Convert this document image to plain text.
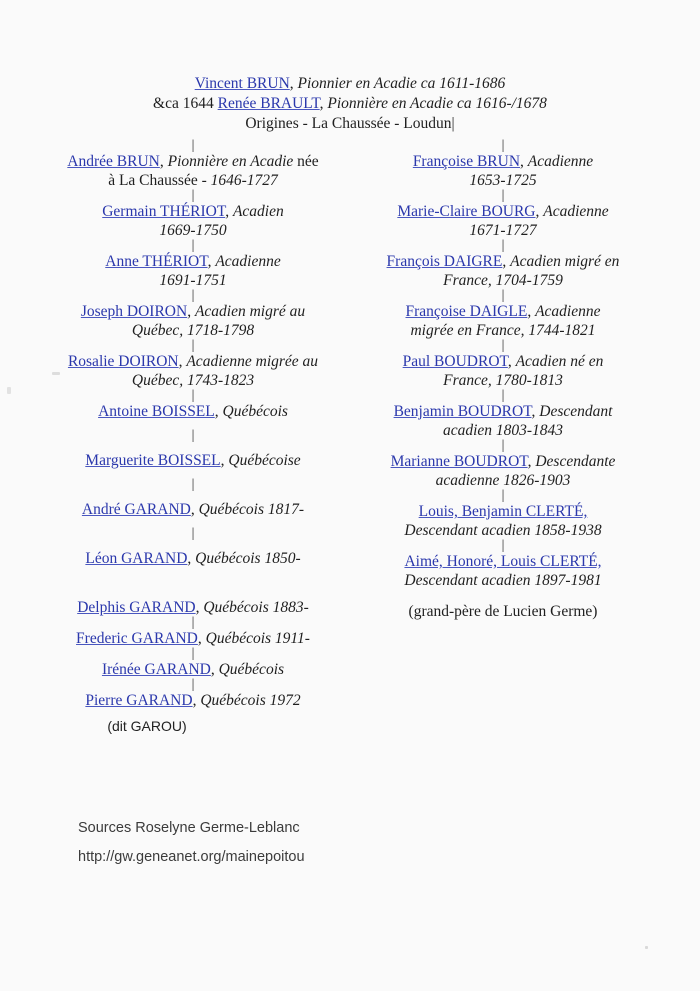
Vincent BRUN, Pionnier en Acadie ca 1611-1686
&ca 1644 Renée BRAULT, Pionnière en Acadie ca 1616-/1678
Origines - La Chaussée - Loudun|
|
Andrée BRUN, Pionnière en Acadie née
à La Chaussée - 1646-1727
|
Germain THÉRIOT, Acadien
1669-1750
|
Anne THÉRIOT, Acadienne
1691-1751
|
Joseph DOIRON, Acadien migré au
Québec, 1718-1798
|
Rosalie DOIRON, Acadienne migrée au
Québec, 1743-1823
|
Antoine BOISSEL, Québécois
|
Marguerite BOISSEL, Québécoise
|
André GARAND, Québécois 1817-
|
Léon GARAND, Québécois 1850-
Delphis GARAND, Québécois 1883-
|
Frederic GARAND, Québécois 1911-
|
Irénée GARAND, Québécois
|
Pierre GARAND, Québécois 1972
(dit GAROU)
|
Françoise BRUN, Acadienne
1653-1725
|
Marie-Claire BOURG, Acadienne
1671-1727
|
François DAIGRE, Acadien migré en
France, 1704-1759
|
Françoise DAIGLE, Acadienne
migrée en France, 1744-1821
|
Paul BOUDROT, Acadien né en
France, 1780-1813
|
Benjamin BOUDROT, Descendant
acadien 1803-1843
|
Marianne BOUDROT, Descendante
acadienne 1826-1903
|
Louis, Benjamin CLERTÉ,
Descendant acadien 1858-1938
|
Aimé, Honoré, Louis CLERTÉ,
Descendant acadien 1897-1981
(grand-père de Lucien Germe)
Sources Roselyne Germe-Leblanc
http://gw.geneanet.org/mainepoitou
